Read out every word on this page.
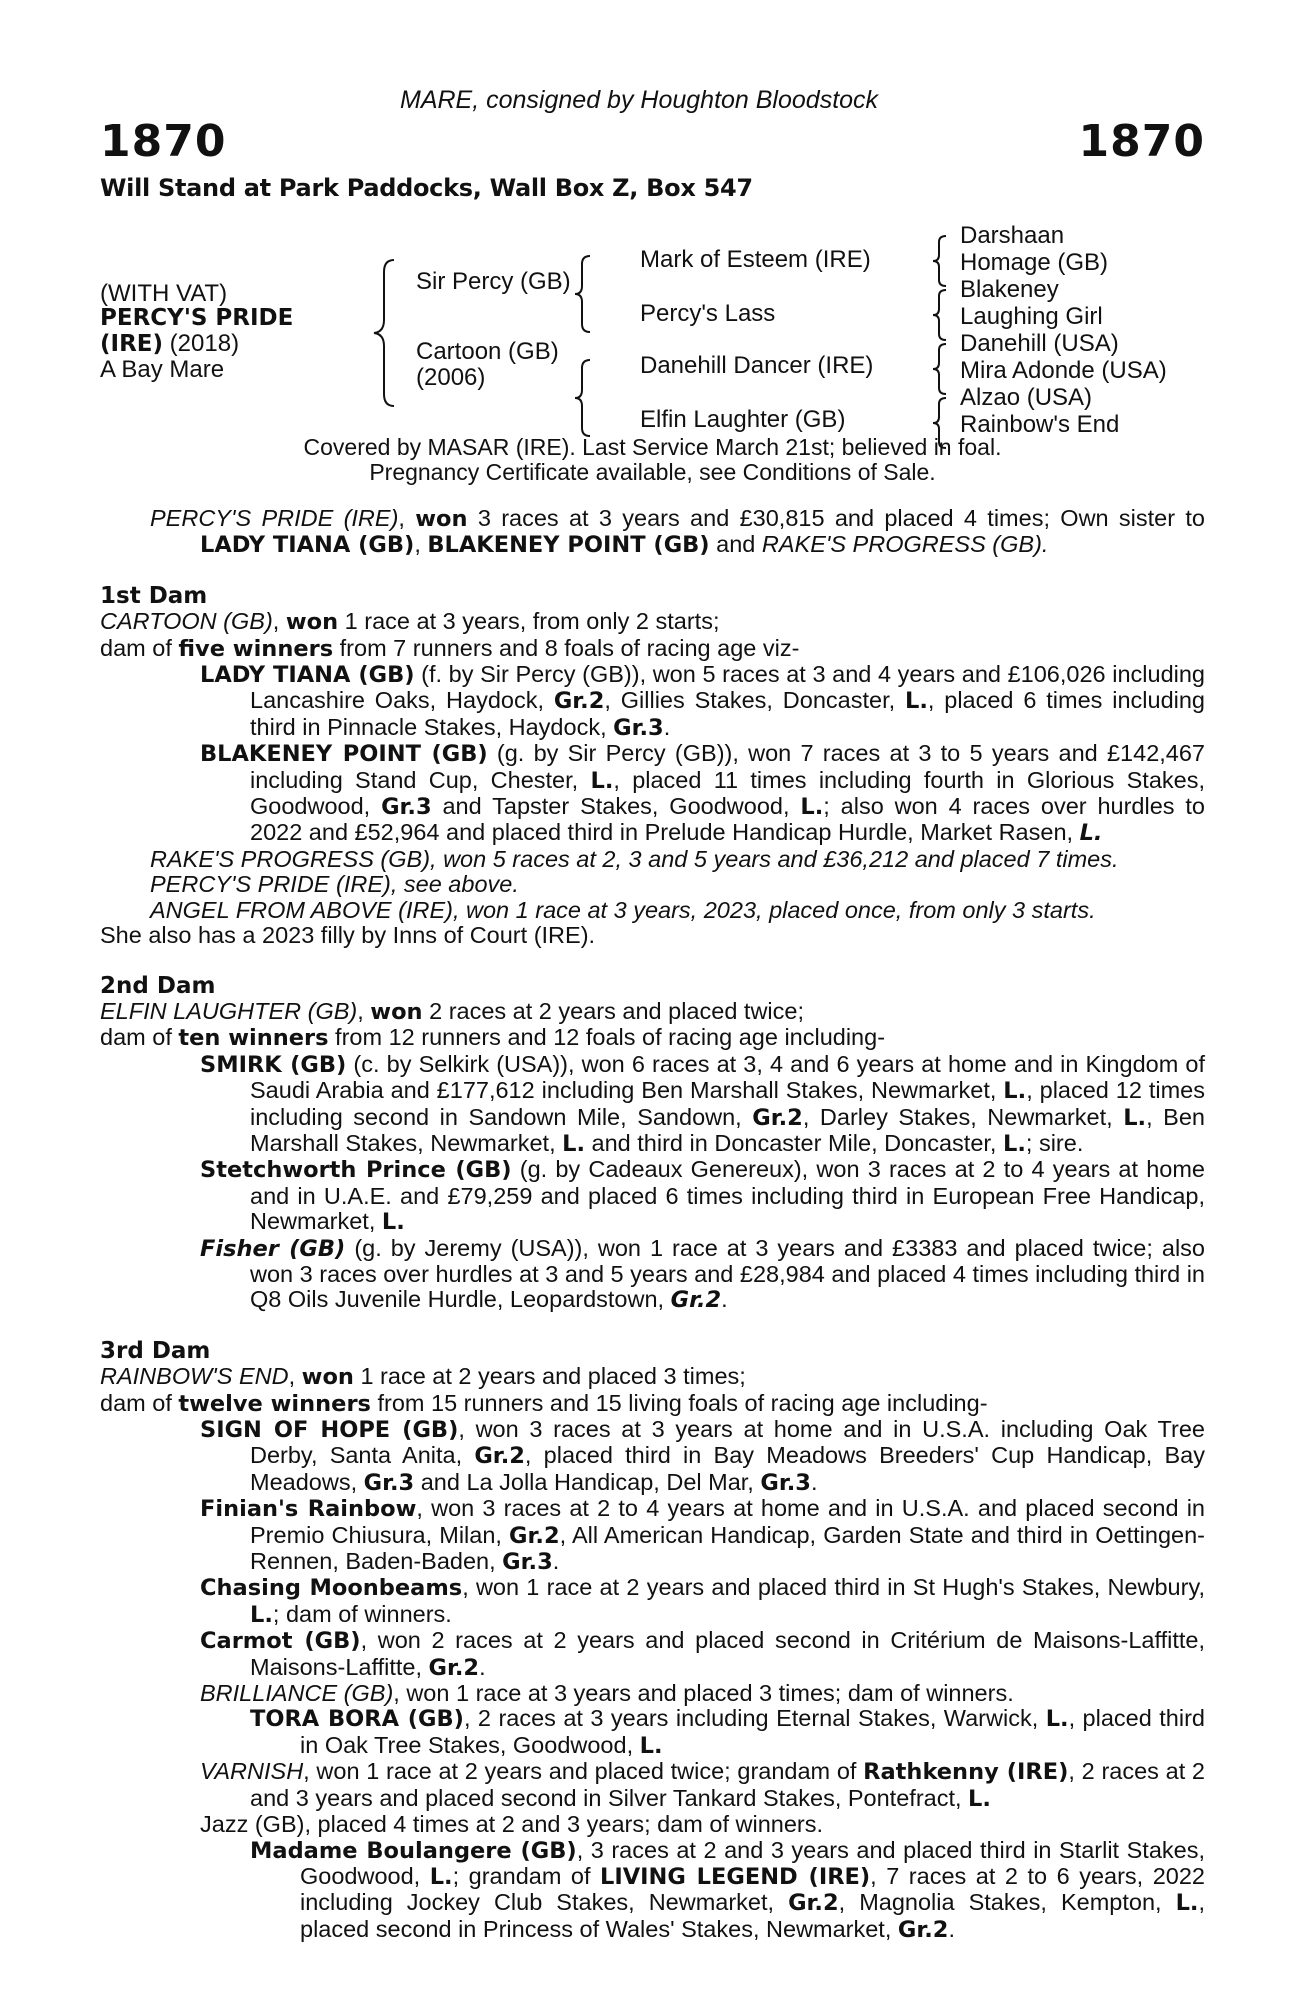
MARE, consigned by Houghton Bloodstock
1870	1870
Will Stand at Park Paddocks, Wall Box Z, Box 547
(WITH VAT)
PERCY'S PRIDE
(IRE) (2018)
A Bay Mare
Sir Percy (GB)
Cartoon (GB)
(2006)
Mark of Esteem (IRE)
Percy's Lass
Danehill Dancer (IRE)
Elfin Laughter (GB)
Darshaan
Homage (GB)
Blakeney
Laughing Girl
Danehill (USA)
Mira Adonde (USA)
Alzao (USA)
Rainbow's End
Covered by MASAR (IRE). Last Service March 21st; believed in foal.
Pregnancy Certificate available, see Conditions of Sale.

PERCY'S PRIDE (IRE), won 3 races at 3 years and £30,815 and placed 4 times; Own sister to LADY TIANA (GB), BLAKENEY POINT (GB) and RAKE'S PROGRESS (GB).

1st Dam

CARTOON (GB), won 1 race at 3 years, from only 2 starts;

dam of five winners from 7 runners and 8 foals of racing age viz-

LADY TIANA (GB) (f. by Sir Percy (GB)), won 5 races at 3 and 4 years and £106,026 including Lancashire Oaks, Haydock, Gr.2, Gillies Stakes, Doncaster, L., placed 6 times including third in Pinnacle Stakes, Haydock, Gr.3.

BLAKENEY POINT (GB) (g. by Sir Percy (GB)), won 7 races at 3 to 5 years and £142,467 including Stand Cup, Chester, L., placed 11 times including fourth in Glorious Stakes, Goodwood, Gr.3 and Tapster Stakes, Goodwood, L.; also won 4 races over hurdles to 2022 and £52,964 and placed third in Prelude Handicap Hurdle, Market Rasen, L.

RAKE'S PROGRESS (GB), won 5 races at 2, 3 and 5 years and £36,212 and placed 7 times.

PERCY'S PRIDE (IRE), see above.

ANGEL FROM ABOVE (IRE), won 1 race at 3 years, 2023, placed once, from only 3 starts.

She also has a 2023 filly by Inns of Court (IRE).

2nd Dam

ELFIN LAUGHTER (GB), won 2 races at 2 years and placed twice;

dam of ten winners from 12 runners and 12 foals of racing age including-

SMIRK (GB) (c. by Selkirk (USA)), won 6 races at 3, 4 and 6 years at home and in Kingdom of Saudi Arabia and £177,612 including Ben Marshall Stakes, Newmarket, L., placed 12 times including second in Sandown Mile, Sandown, Gr.2, Darley Stakes, Newmarket, L., Ben Marshall Stakes, Newmarket, L. and third in Doncaster Mile, Doncaster, L.; sire.

Stetchworth Prince (GB) (g. by Cadeaux Genereux), won 3 races at 2 to 4 years at home and in U.A.E. and £79,259 and placed 6 times including third in European Free Handicap, Newmarket, L.

Fisher (GB) (g. by Jeremy (USA)), won 1 race at 3 years and £3383 and placed twice; also won 3 races over hurdles at 3 and 5 years and £28,984 and placed 4 times including third in Q8 Oils Juvenile Hurdle, Leopardstown, Gr.2.

3rd Dam

RAINBOW'S END, won 1 race at 2 years and placed 3 times;

dam of twelve winners from 15 runners and 15 living foals of racing age including-

SIGN OF HOPE (GB), won 3 races at 3 years at home and in U.S.A. including Oak Tree Derby, Santa Anita, Gr.2, placed third in Bay Meadows Breeders' Cup Handicap, Bay Meadows, Gr.3 and La Jolla Handicap, Del Mar, Gr.3.

Finian's Rainbow, won 3 races at 2 to 4 years at home and in U.S.A. and placed second in Premio Chiusura, Milan, Gr.2, All American Handicap, Garden State and third in Oettingen-Rennen, Baden-Baden, Gr.3.

Chasing Moonbeams, won 1 race at 2 years and placed third in St Hugh's Stakes, Newbury, L.; dam of winners.

Carmot (GB), won 2 races at 2 years and placed second in Critérium de Maisons-Laffitte, Maisons-Laffitte, Gr.2.

BRILLIANCE (GB), won 1 race at 3 years and placed 3 times; dam of winners.

TORA BORA (GB), 2 races at 3 years including Eternal Stakes, Warwick, L., placed third in Oak Tree Stakes, Goodwood, L.

VARNISH, won 1 race at 2 years and placed twice; grandam of Rathkenny (IRE), 2 races at 2 and 3 years and placed second in Silver Tankard Stakes, Pontefract, L.

Jazz (GB), placed 4 times at 2 and 3 years; dam of winners.

Madame Boulangere (GB), 3 races at 2 and 3 years and placed third in Starlit Stakes, Goodwood, L.; grandam of LIVING LEGEND (IRE), 7 races at 2 to 6 years, 2022 including Jockey Club Stakes, Newmarket, Gr.2, Magnolia Stakes, Kempton, L., placed second in Princess of Wales' Stakes, Newmarket, Gr.2.
